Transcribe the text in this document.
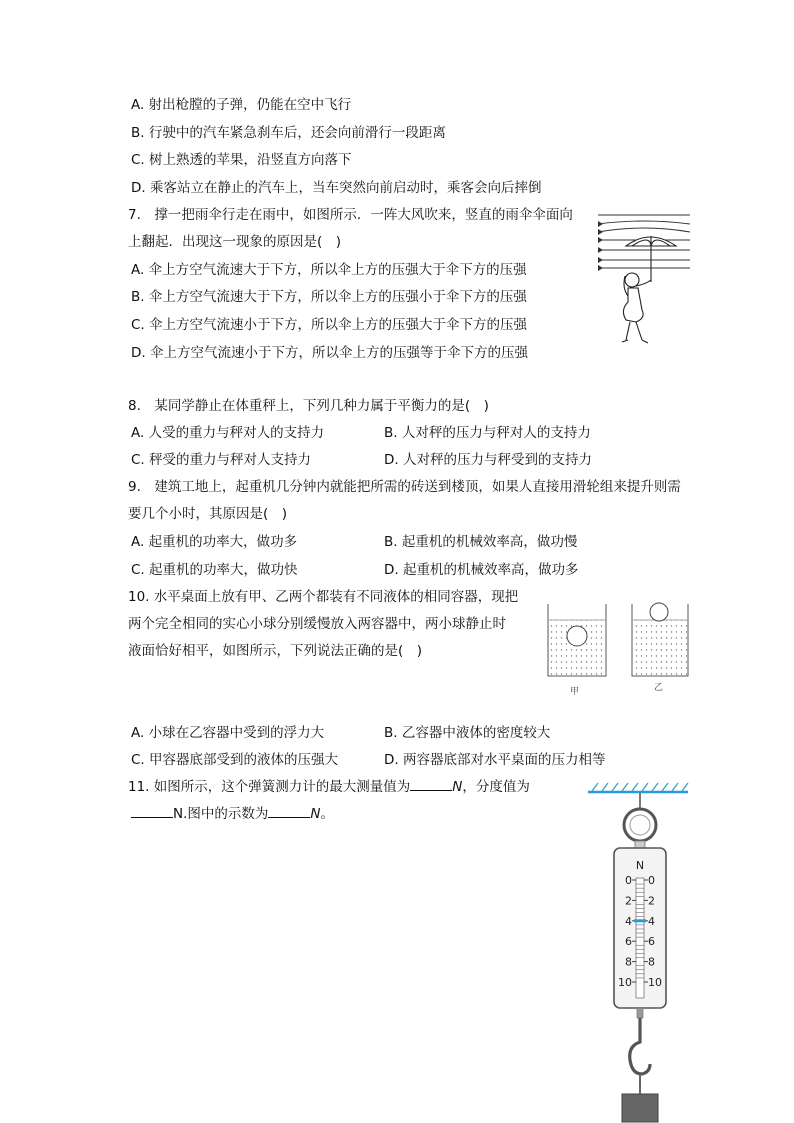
A. 射出枪膛的子弹，仍能在空中飞行
B. 行驶中的汽车紧急刹车后，还会向前滑行一段距离
C. 树上熟透的苹果，沿竖直方向落下
D. 乘客站立在静止的汽车上，当车突然向前启动时，乘客会向后摔倒
7.　撑一把雨伞行走在雨中，如图所示．一阵大风吹来，竖直的雨伞伞面向
上翻起．出现这一现象的原因是(　)
A. 伞上方空气流速大于下方，所以伞上方的压强大于伞下方的压强
B. 伞上方空气流速大于下方，所以伞上方的压强小于伞下方的压强
C. 伞上方空气流速小于下方，所以伞上方的压强大于伞下方的压强
D. 伞上方空气流速小于下方，所以伞上方的压强等于伞下方的压强
8.　某同学静止在体重秤上，下列几种力属于平衡力的是(　)
A. 人受的重力与秤对人的支持力	B. 人对秤的压力与秤对人的支持力
C. 秤受的重力与秤对人支持力	D. 人对秤的压力与秤受到的支持力
9.　建筑工地上，起重机几分钟内就能把所需的砖送到楼顶，如果人直接用滑轮组来提升则需
要几个小时，其原因是(　)
A. 起重机的功率大，做功多	B. 起重机的机械效率高，做功慢
C. 起重机的功率大，做功快	D. 起重机的机械效率高，做功多
10. 水平桌面上放有甲、乙两个都装有不同液体的相同容器，现把
两个完全相同的实心小球分别缓慢放入两容器中，两小球静止时
液面恰好相平，如图所示，下列说法正确的是(　)
甲	乙
A. 小球在乙容器中受到的浮力大	B. 乙容器中液体的密度较大
C. 甲容器底部受到的液体的压强大	D. 两容器底部对水平桌面的压力相等
11. 如图所示，这个弹簧测力计的最大测量值为	N，分度值为
N.图中的示数为	N。
N
0 0
2 2
4 4
6 6
8 8
10 10
